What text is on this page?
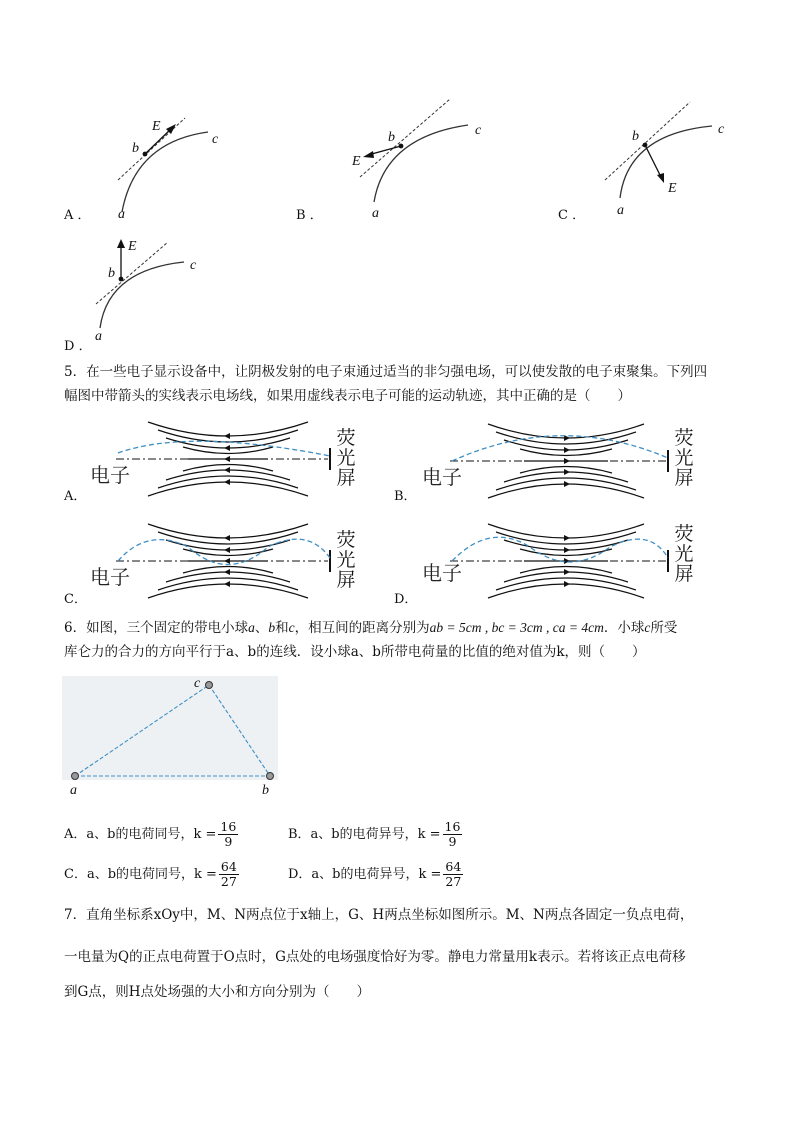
E
b
c
a
A ．
E
b	c
a
B ．
E
b	c
a
C ．
E
b
c
a
D ．
5．在一些电子显示设备中，让阴极发射的电子束通过适当的非匀强电场，可以使发散的电子束聚集。下列四
幅图中带箭头的实线表示电场线，如果用虚线表示电子可能的运动轨迹，其中正确的是（　　）
电子
荧
光
屏
A．
电子
荧
光
屏
B．
电子
荧
光
屏
C．
电子
荧
光
屏
D．
6．如图，三个固定的带电小球a、b和c，相互间的距离分别为ab = 5cm , bc = 3cm , ca = 4cm．小球c所受
库仑力的合力的方向平行于a、b的连线．设小球a、b所带电荷量的比值的绝对值为k，则（　　）
a	b
c
A．a、b的电荷同号，$k = \frac{16}{9}$	B．a、b的电荷异号，$k = \frac{16}{9}$
C．a、b的电荷同号，$k = \frac{64}{27}$	D．a、b的电荷异号，$k = \frac{64}{27}$
7．直角坐标系xOy中，M、N两点位于x轴上，G、H两点坐标如图所示。M、N两点各固定一负点电荷，
一电量为Q的正点电荷置于O点时，G点处的电场强度恰好为零。静电力常量用k表示。若将该正点电荷移
到G点，则H点处场强的大小和方向分别为（　　）
